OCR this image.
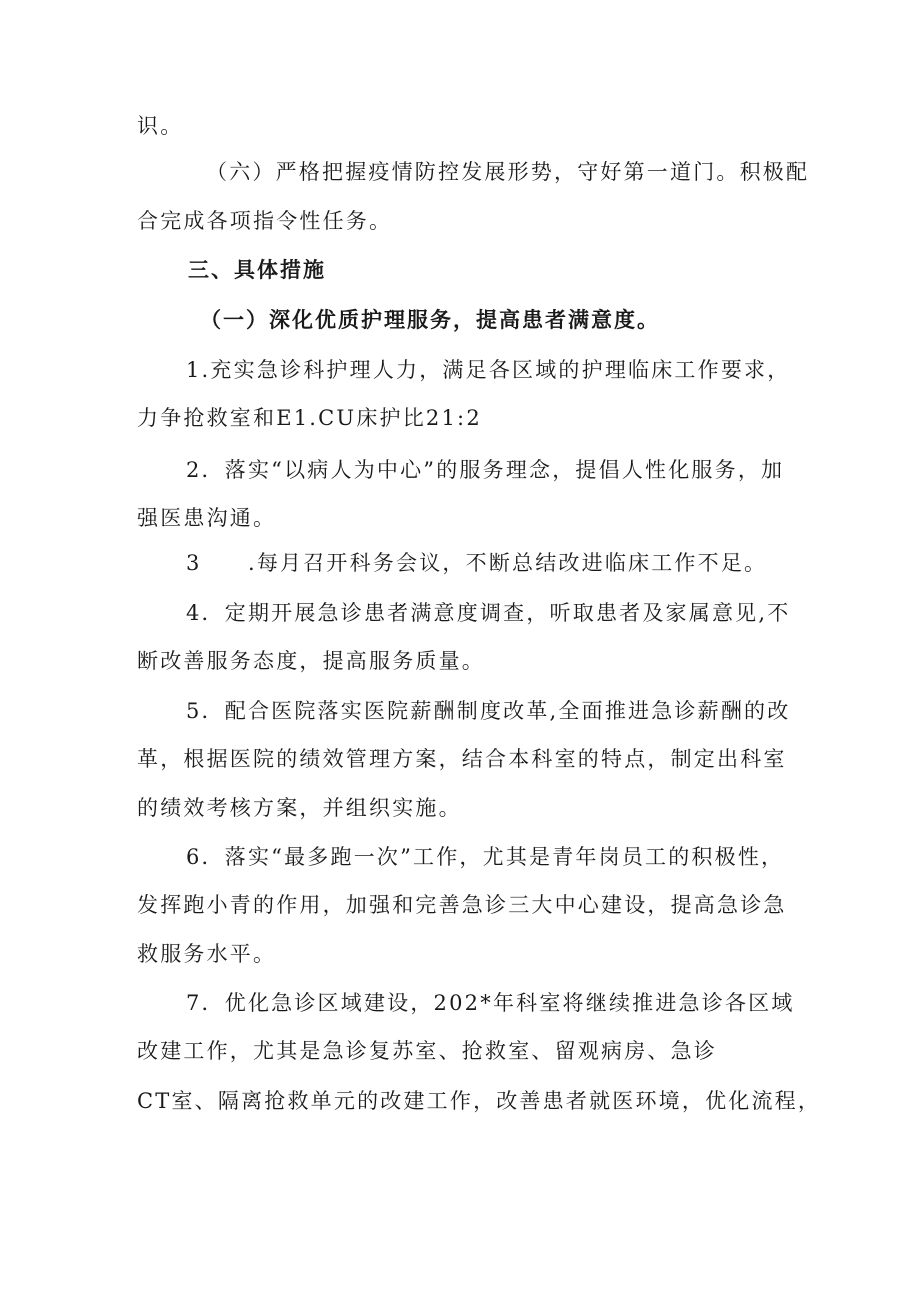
识。
（六）严格把握疫情防控发展形势，守好第一道门。积极配
合完成各项指令性任务。
三、具体措施
（一）深化优质护理服务，提高患者满意度。
1.充实急诊科护理人力，满足各区域的护理临床工作要求，
力争抢救室和E1.CU床护比21:2
2．落实“以病人为中心”的服务理念，提倡人性化服务，加
强医患沟通。
3　　.每月召开科务会议，不断总结改进临床工作不足。
4．定期开展急诊患者满意度调查，听取患者及家属意见,不
断改善服务态度，提高服务质量。
5．配合医院落实医院薪酬制度改革,全面推进急诊薪酬的改
革，根据医院的绩效管理方案，结合本科室的特点，制定出科室
的绩效考核方案，并组织实施。
6．落实“最多跑一次”工作，尤其是青年岗员工的积极性，
发挥跑小青的作用，加强和完善急诊三大中心建设，提高急诊急
救服务水平。
7．优化急诊区域建设，202*年科室将继续推进急诊各区域
改建工作，尤其是急诊复苏室、抢救室、留观病房、急诊
CT室、隔离抢救单元的改建工作，改善患者就医环境，优化流程，
